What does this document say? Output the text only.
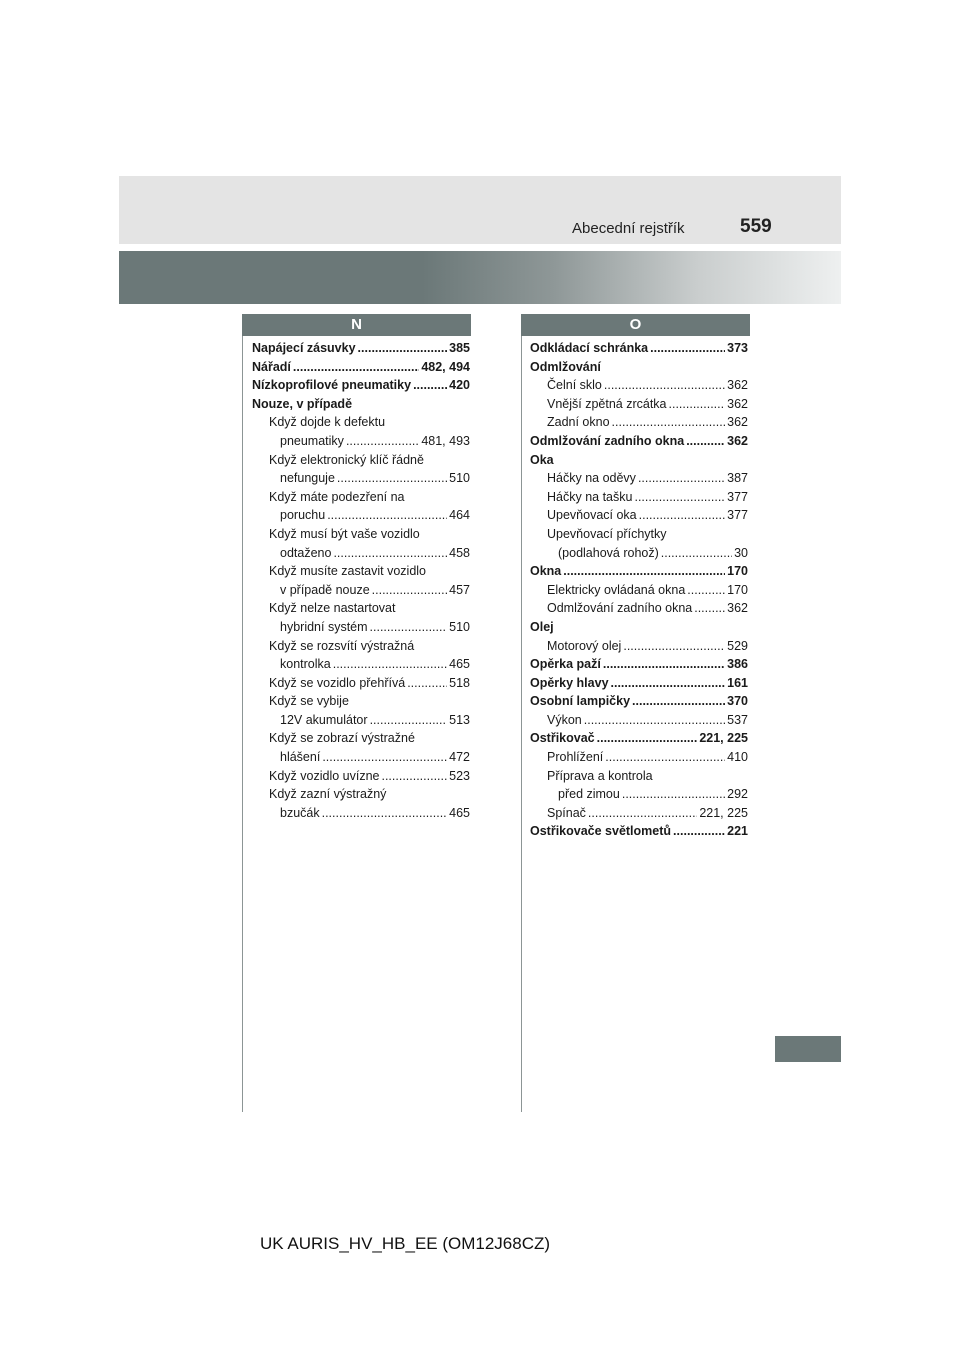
Abecední rejstřík	559
N	O
Napájecí zásuvky .....	385
Nářadí .....	482, 494
Nízkoprofilové pneumatiky .....	420
Nouze, v případě
Když dojde k defektu
pneumatiky .....	481, 493
Když elektronický klíč řádně
nefunguje .....	510
Když máte podezření na
poruchu .....	464
Když musí být vaše vozidlo
odtaženo .....	458
Když musíte zastavit vozidlo
v případě nouze .....	457
Když nelze nastartovat
hybridní systém .....	510
Když se rozsvítí výstražná
kontrolka .....	465
Když se vozidlo přehřívá .....	518
Když se vybije
12V akumulátor .....	513
Když se zobrazí výstražné
hlášení .....	472
Když vozidlo uvízne .....	523
Když zazní výstražný
bzučák .....	465
Odkládací schránka .....	373
Odmlžování
Čelní sklo .....	362
Vnější zpětná zrcátka .....	362
Zadní okno .....	362
Odmlžování zadního okna .....	362
Oka
Háčky na oděvy .....	387
Háčky na tašku .....	377
Upevňovací oka .....	377
Upevňovací příchytky
(podlahová rohož) .....	30
Okna .....	170
Elektricky ovládaná okna .....	170
Odmlžování zadního okna .....	362
Olej
Motorový olej .....	529
Opěrka paží .....	386
Opěrky hlavy .....	161
Osobní lampičky .....	370
Výkon .....	537
Ostřikovač .....	221, 225
Prohlížení .....	410
Příprava a kontrola
před zimou .....	292
Spínač .....	221, 225
Ostřikovače světlometů .....	221
UK AURIS_HV_HB_EE (OM12J68CZ)
